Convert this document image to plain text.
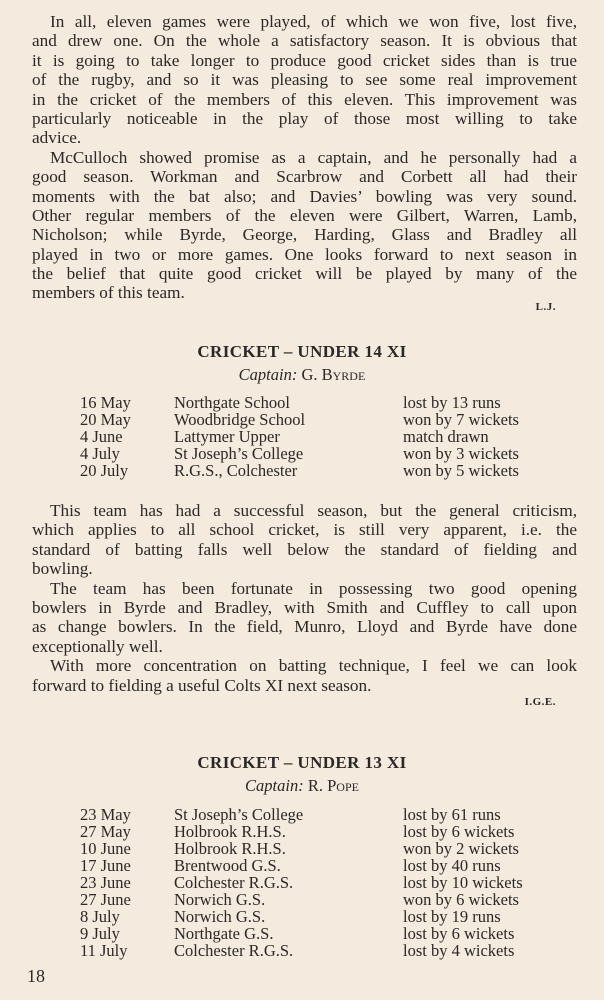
In all, eleven games were played, of which we won five, lost five,
and drew one. On the whole a satisfactory season. It is obvious that
it is going to take longer to produce good cricket sides than is true
of the rugby, and so it was pleasing to see some real improvement
in the cricket of the members of this eleven. This improvement was
particularly noticeable in the play of those most willing to take
advice.
McCulloch showed promise as a captain, and he personally had a
good season. Workman and Scarbrow and Corbett all had their
moments with the bat also; and Davies’ bowling was very sound.
Other regular members of the eleven were Gilbert, Warren, Lamb,
Nicholson; while Byrde, George, Harding, Glass and Bradley all
played in two or more games. One looks forward to next season in
the belief that quite good cricket will be played by many of the
members of this team.
L.J.
CRICKET – UNDER 14 XI
Captain: G. Byrde
16 May	Northgate School	lost by 13 runs
20 May	Woodbridge School	won by 7 wickets
4 June	Lattymer Upper	match drawn
4 July	St Joseph’s College	won by 3 wickets
20 July	R.G.S., Colchester	won by 5 wickets
This team has had a successful season, but the general criticism,
which applies to all school cricket, is still very apparent, i.e. the
standard of batting falls well below the standard of fielding and
bowling.
The team has been fortunate in possessing two good opening
bowlers in Byrde and Bradley, with Smith and Cuffley to call upon
as change bowlers. In the field, Munro, Lloyd and Byrde have done
exceptionally well.
With more concentration on batting technique, I feel we can look
forward to fielding a useful Colts XI next season.
I.G.E.
CRICKET – UNDER 13 XI
Captain: R. Pope
23 May	St Joseph’s College	lost by 61 runs
27 May	Holbrook R.H.S.	lost by 6 wickets
10 June	Holbrook R.H.S.	won by 2 wickets
17 June	Brentwood G.S.	lost by 40 runs
23 June	Colchester R.G.S.	lost by 10 wickets
27 June	Norwich G.S.	won by 6 wickets
8 July	Norwich G.S.	lost by 19 runs
9 July	Northgate G.S.	lost by 6 wickets
11 July	Colchester R.G.S.	lost by 4 wickets
18
